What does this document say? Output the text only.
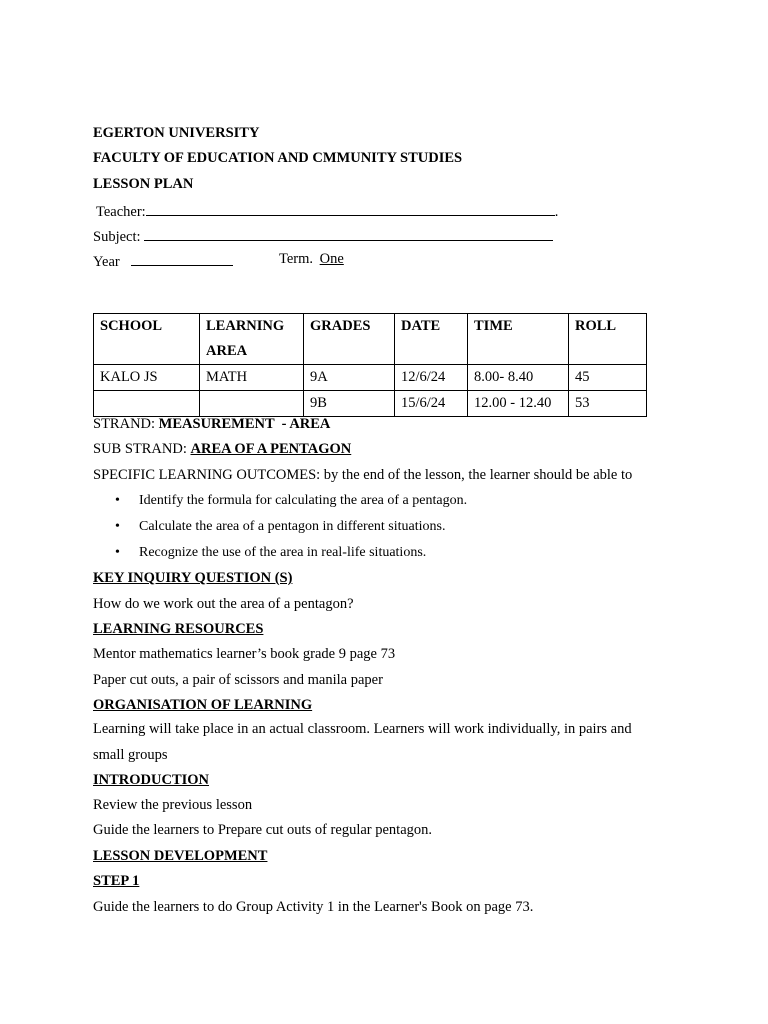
EGERTON UNIVERSITY
FACULTY OF EDUCATION AND CMMUNITY STUDIES
LESSON PLAN
Teacher:	.
Subject:
Year	Term. One
SCHOOL	LEARNING AREA	GRADES	DATE	TIME	ROLL
KALO JS	MATH	9A	12/6/24	8.00- 8.40	45
		9B	15/6/24	12.00 - 12.40	53
STRAND: MEASUREMENT  - AREA
SUB STRAND: AREA OF A PENTAGON
SPECIFIC LEARNING OUTCOMES: by the end of the lesson, the learner should be able to
• Identify the formula for calculating the area of a pentagon.
• Calculate the area of a pentagon in different situations.
• Recognize the use of the area in real-life situations.
KEY INQUIRY QUESTION (S)
How do we work out the area of a pentagon?
LEARNING RESOURCES
Mentor mathematics learner’s book grade 9 page 73
Paper cut outs, a pair of scissors and manila paper
ORGANISATION OF LEARNING
Learning will take place in an actual classroom. Learners will work individually, in pairs and
small groups
INTRODUCTION
Review the previous lesson
Guide the learners to Prepare cut outs of regular pentagon.
LESSON DEVELOPMENT
STEP 1
Guide the learners to do Group Activity 1 in the Learner's Book on page 73.
